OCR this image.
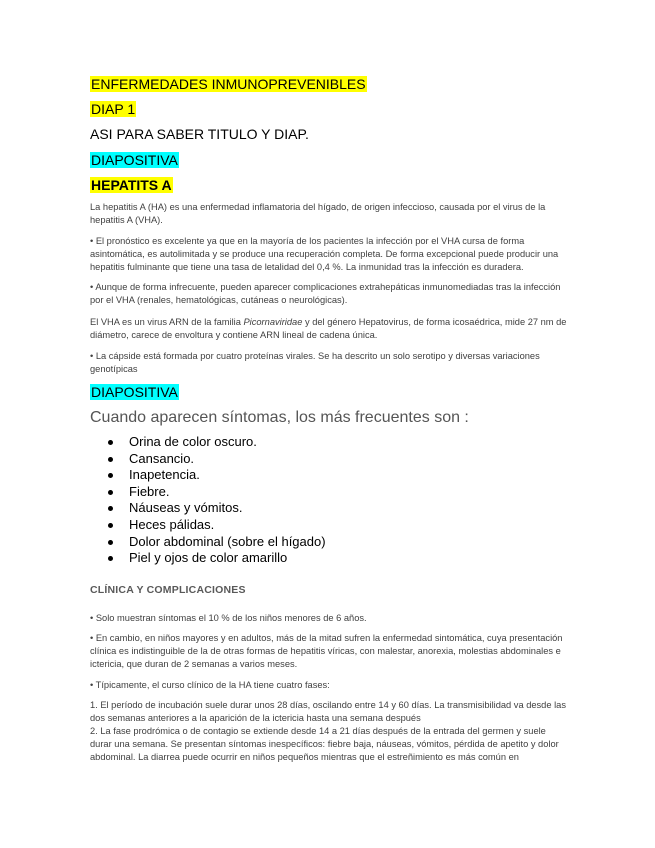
ENFERMEDADES INMUNOPREVENIBLES

DIAP 1

ASI PARA SABER TITULO Y DIAP.

DIAPOSITIVA

HEPATITS A

La hepatitis A (HA) es una enfermedad inflamatoria del hígado, de origen infeccioso, causada por el virus de la hepatitis A (VHA).

• El pronóstico es excelente ya que en la mayoría de los pacientes la infección por el VHA cursa de forma asintomática, es autolimitada y se produce una recuperación completa. De forma excepcional puede producir una hepatitis fulminante que tiene una tasa de letalidad del 0,4 %. La inmunidad tras la infección es duradera.

• Aunque de forma infrecuente, pueden aparecer complicaciones extrahepáticas inmunomediadas tras la infección por el VHA (renales, hematológicas, cutáneas o neurológicas).

El VHA es un virus ARN de la familia Picornaviridae y del género Hepatovirus, de forma icosaédrica, mide 27 nm de diámetro, carece de envoltura y contiene ARN lineal de cadena única.

• La cápside está formada por cuatro proteínas virales. Se ha descrito un solo serotipo y diversas variaciones genotípicas

DIAPOSITIVA

Cuando aparecen síntomas, los más frecuentes son :

Orina de color oscuro.
Cansancio.
Inapetencia.
Fiebre.
Náuseas y vómitos.
Heces pálidas.
Dolor abdominal (sobre el hígado)
Piel y ojos de color amarillo

CLÍNICA Y COMPLICACIONES

• Solo muestran síntomas el 10 % de los niños menores de 6 años.

• En cambio, en niños mayores y en adultos, más de la mitad sufren la enfermedad sintomática, cuya presentación clínica es indistinguible de la de otras formas de hepatitis víricas, con malestar, anorexia, molestias abdominales e ictericia, que duran de 2 semanas a varios meses.

• Típicamente, el curso clínico de la HA tiene cuatro fases:

1. El período de incubación suele durar unos 28 días, oscilando entre 14 y 60 días. La transmisibilidad va desde las dos semanas anteriores a la aparición de la ictericia hasta una semana después

2. La fase prodrómica o de contagio se extiende desde 14 a 21 días después de la entrada del germen y suele durar una semana. Se presentan síntomas inespecíficos: fiebre baja, náuseas, vómitos, pérdida de apetito y dolor abdominal. La diarrea puede ocurrir en niños pequeños mientras que el estreñimiento es más común en
